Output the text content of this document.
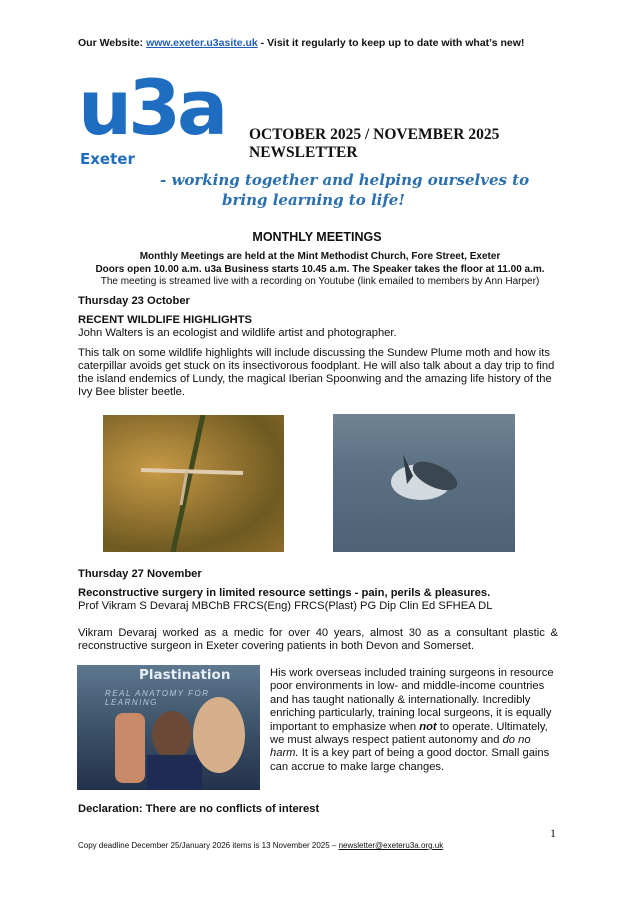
Our Website: www.exeter.u3asite.uk - Visit it regularly to keep up to date with what’s new!
u3a
Exeter
OCTOBER 2025 / NOVEMBER 2025
NEWSLETTER
- working together and helping ourselves to
bring learning to life!
MONTHLY MEETINGS
Monthly Meetings are held at the Mint Methodist Church, Fore Street, Exeter
Doors open 10.00 a.m. u3a Business starts 10.45 a.m. The Speaker takes the floor at 11.00 a.m.
The meeting is streamed live with a recording on Youtube (link emailed to members by Ann Harper)

Thursday 23 October

RECENT WILDLIFE HIGHLIGHTS

John Walters is an ecologist and wildlife artist and photographer.

This talk on some wildlife highlights will include discussing the Sundew Plume moth and how its caterpillar avoids get stuck on its insectivorous foodplant. He will also talk about a day trip to find the island endemics of Lundy, the magical Iberian Spoonwing and the amazing life history of the Ivy Bee blister beetle.

Thursday 27 November

Reconstructive surgery in limited resource settings - pain, perils & pleasures.

Prof Vikram S Devaraj MBChB FRCS(Eng) FRCS(Plast) PG Dip Clin Ed SFHEA DL

Vikram Devaraj worked as a medic for over 40 years, almost 30 as a consultant plastic & reconstructive surgeon in Exeter covering patients in both Devon and Somerset.

Plastination
REAL ANATOMY FOR LEARNING
His work overseas included training surgeons in resource poor environments in low- and middle-income countries and has taught nationally & internationally. Incredibly enriching particularly, training local surgeons, it is equally important to emphasize when not to operate. Ultimately, we must always respect patient autonomy and do no harm. It is a key part of being a good doctor. Small gains can accrue to make large changes.
Declaration: There are no conflicts of interest
1
Copy deadline December 25/January 2026 items is 13 November 2025 – newsletter@exeteru3a.org.uk
